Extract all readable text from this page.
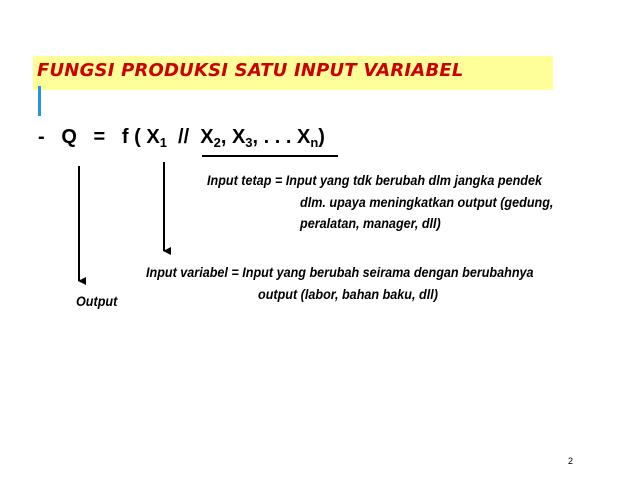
FUNGSI PRODUKSI SATU INPUT VARIABEL
-   Q   =   f ( $X_1 // X_2$, $X_3$, . . . $X_n$)
Input tetap = Input yang tdk berubah dlm jangka pendek
dlm. upaya meningkatkan output (gedung,
peralatan, manager, dll)
Input variabel = Input yang berubah seirama dengan berubahnya
output (labor, bahan baku, dll)
Output
2
